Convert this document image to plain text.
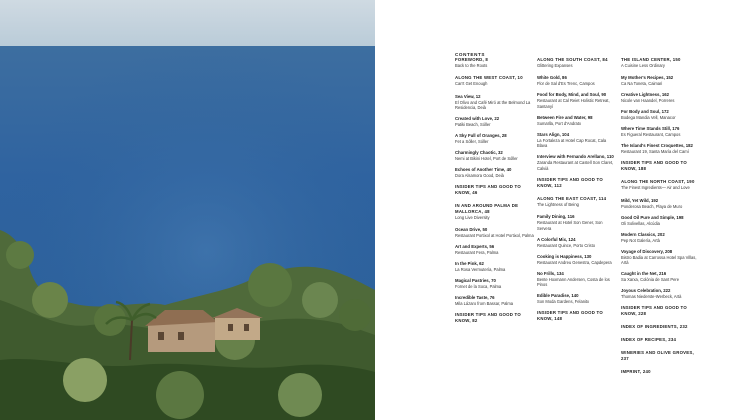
CONTENTS
FOREWORD, 8
Back to the Roots
ALONG THE WEST COAST, 10
Can't Get Enough
Sea View, 12
El Olivo and Café Miró at the Belmond La Residencia, Deià
Created with Love, 22
Patiki Beach, Sóller
A Sky Full of Oranges, 28
Fet a Sóller, Sóller
Charmingly Chaotic, 32
Nemi at Bikini Hotel, Port de Sóller
Echoes of Another Time, 40
Dora Alsamora Good, Deià
INSIDER TIPS AND GOOD TO KNOW, 46
IN AND AROUND PALMA DE MALLORCA, 48
Long Live Diversity
Ocean Drive, 50
Restaurant Portixol at Hotel Portixol, Palma
Art and Experts, 56
Restaurant Fera, Palma
In the Pink, 62
La Rosa Vermutería, Palma
Magical Pastries, 70
Fornet de la Soca, Palma
Incredible Taste, 76
Mila Lázaro from Bassar, Palma
INSIDER TIPS AND GOOD TO KNOW, 82
ALONG THE SOUTH COAST, 84
Glittering Expanses
White Gold, 86
Flor de Sal d'Es Trenc, Campos
Food for Body, Mind, and Soul, 90
Restaurant at Cal Reiet Holistic Retreat, Santanyí
Between Fire and Water, 98
Sumaïlla, Port d'Andratx
Stars Align, 104
La Fortaleza at Hotel Cap Rocat, Cala Blava
Interview with Fernando Arellano, 110
Zaranda Restaurant at Castell Son Claret, Calvià
INSIDER TIPS AND GOOD TO KNOW, 112
ALONG THE EAST COAST, 114
The Lightness of Being
Family Dining, 116
Restaurant at Hotel Son Gener, Son Servera
A Colorful Mix, 124
Restaurant Quince, Porto Cristo
Cooking is Happiness, 130
Restaurant Andreu Genestra, Capdepera
No Frills, 134
Bente Hoxmann Andersen, Costa de los Pinos
Edible Paradise, 140
Son Moda Gardens, Felanitx
INSIDER TIPS AND GOOD TO KNOW, 148
THE ISLAND CENTER, 150
A Cuisine Less Ordinary
My Mother's Recipes, 152
Ca Na Toneta, Caimari
Creative Lightness, 162
Nicole van Haandel, Porreres
For Body and Soul, 172
Bodega Mandia Vell, Manacor
Where Time Stands Still, 176
Es Figueral Restaurant, Campos
The Island's Finest Croquettes, 182
Restaurant 19, Santa María del Camí
INSIDER TIPS AND GOOD TO KNOW, 188
ALONG THE NORTH COAST, 190
The Finest Ingredients— Air and Love
Mild, Yet Wild, 192
Ponderosa Beach, Playa de Muro
Good Oil Pure and Simple, 198
Oli Solivellas, Alcúdia
Modern Classics, 202
Pep Not Galería, Artà
Voyage of Discovery, 208
Bistro Badia at Carrossa Hotel Spa Villas, Artà
Caught in the Net, 216
Sa Xarxa, Colònia de Sant Pere
Joyous Celebration, 222
Thomas Niederste-Werbeck, Artà
INSIDER TIPS AND GOOD TO KNOW, 228
INDEX OF INGREDIENTS, 232
INDEX OF RECIPES, 234
WINERIES AND OLIVE GROVES, 237
IMPRINT, 240
